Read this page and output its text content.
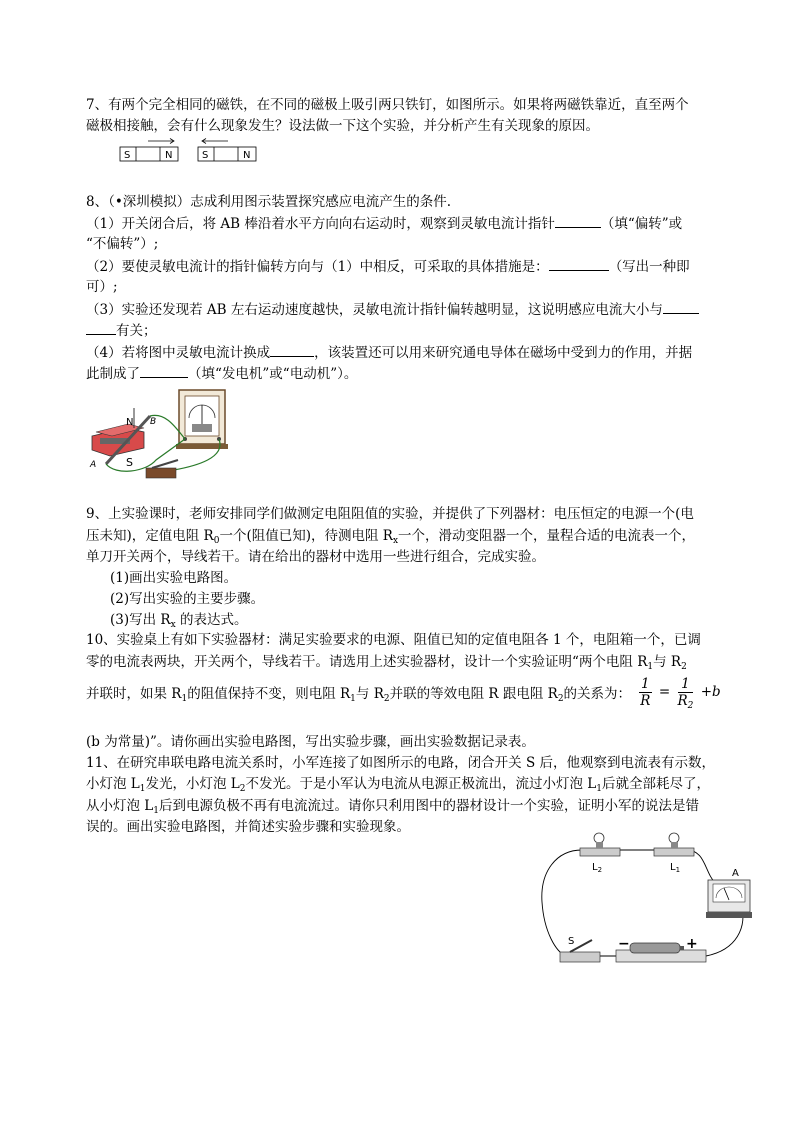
7、有两个完全相同的磁铁，在不同的磁极上吸引两只铁钉，如图所示。如果将两磁铁靠近，直至两个
磁极相接触，会有什么现象发生？设法做一下这个实验，并分析产生有关现象的原因。
S	N	S	N
8、（•深圳模拟）志成利用图示装置探究感应电流产生的条件.
（1）开关闭合后，将 AB 棒沿着水平方向向右运动时，观察到灵敏电流计指针	（填“偏转”或
“不偏转”）;
（2）要使灵敏电流计的指针偏转方向与（1）中相反，可采取的具体措施是：	（写出一种即
可）;
（3）实验还发现若 AB 左右运动速度越快，灵敏电流计指针偏转越明显，这说明感应电流大小与
有关；
（4）若将图中灵敏电流计换成	，该装置还可以用来研究通电导体在磁场中受到力的作用，并据
此制成了	（填“发电机”或“电动机”）。
N
S
A
B
9、上实验课时，老师安排同学们做测定电阻阻值的实验，并提供了下列器材：电压恒定的电源一个(电
压未知)，定值电阻 $R_0$一个(阻值已知)，待测电阻 $R_x$一个，滑动变阻器一个，量程合适的电流表一个，
单刀开关两个，导线若干。请在给出的器材中选用一些进行组合，完成实验。
(1)画出实验电路图。
(2)写出实验的主要步骤。
(3)写出 $R_x$ 的表达式。
10、实验桌上有如下实验器材：满足实验要求的电源、阻值已知的定值电阻各 1 个，电阻箱一个，已调
零的电流表两块，开关两个，导线若干。请选用上述实验器材，设计一个实验证明“两个电阻 $R_1$与 $R_2$
并联时，如果 $R_1$的阻值保持不变，则电阻 $R_1$与 $R_2$并联的等效电阻 R 跟电阻 $R_2$的关系为： $\frac{1}{R} = \frac{1}{R_2} +b$
(b 为常量)”。请你画出实验电路图，写出实验步骤，画出实验数据记录表。
11、在研究串联电路电流关系时，小军连接了如图所示的电路，闭合开关 S 后，他观察到电流表有示数，
小灯泡 $L_1$发光，小灯泡 $L_2$不发光。于是小军认为电流从电源正极流出，流过小灯泡 $L_1$后就全部耗尽了，
从小灯泡 $L_1$后到电源负极不再有电流流过。请你只利用图中的器材设计一个实验，证明小军的说法是错
误的。画出实验电路图，并简述实验步骤和实验现象。
$L_2$	$L_1$	A
S	−	+
